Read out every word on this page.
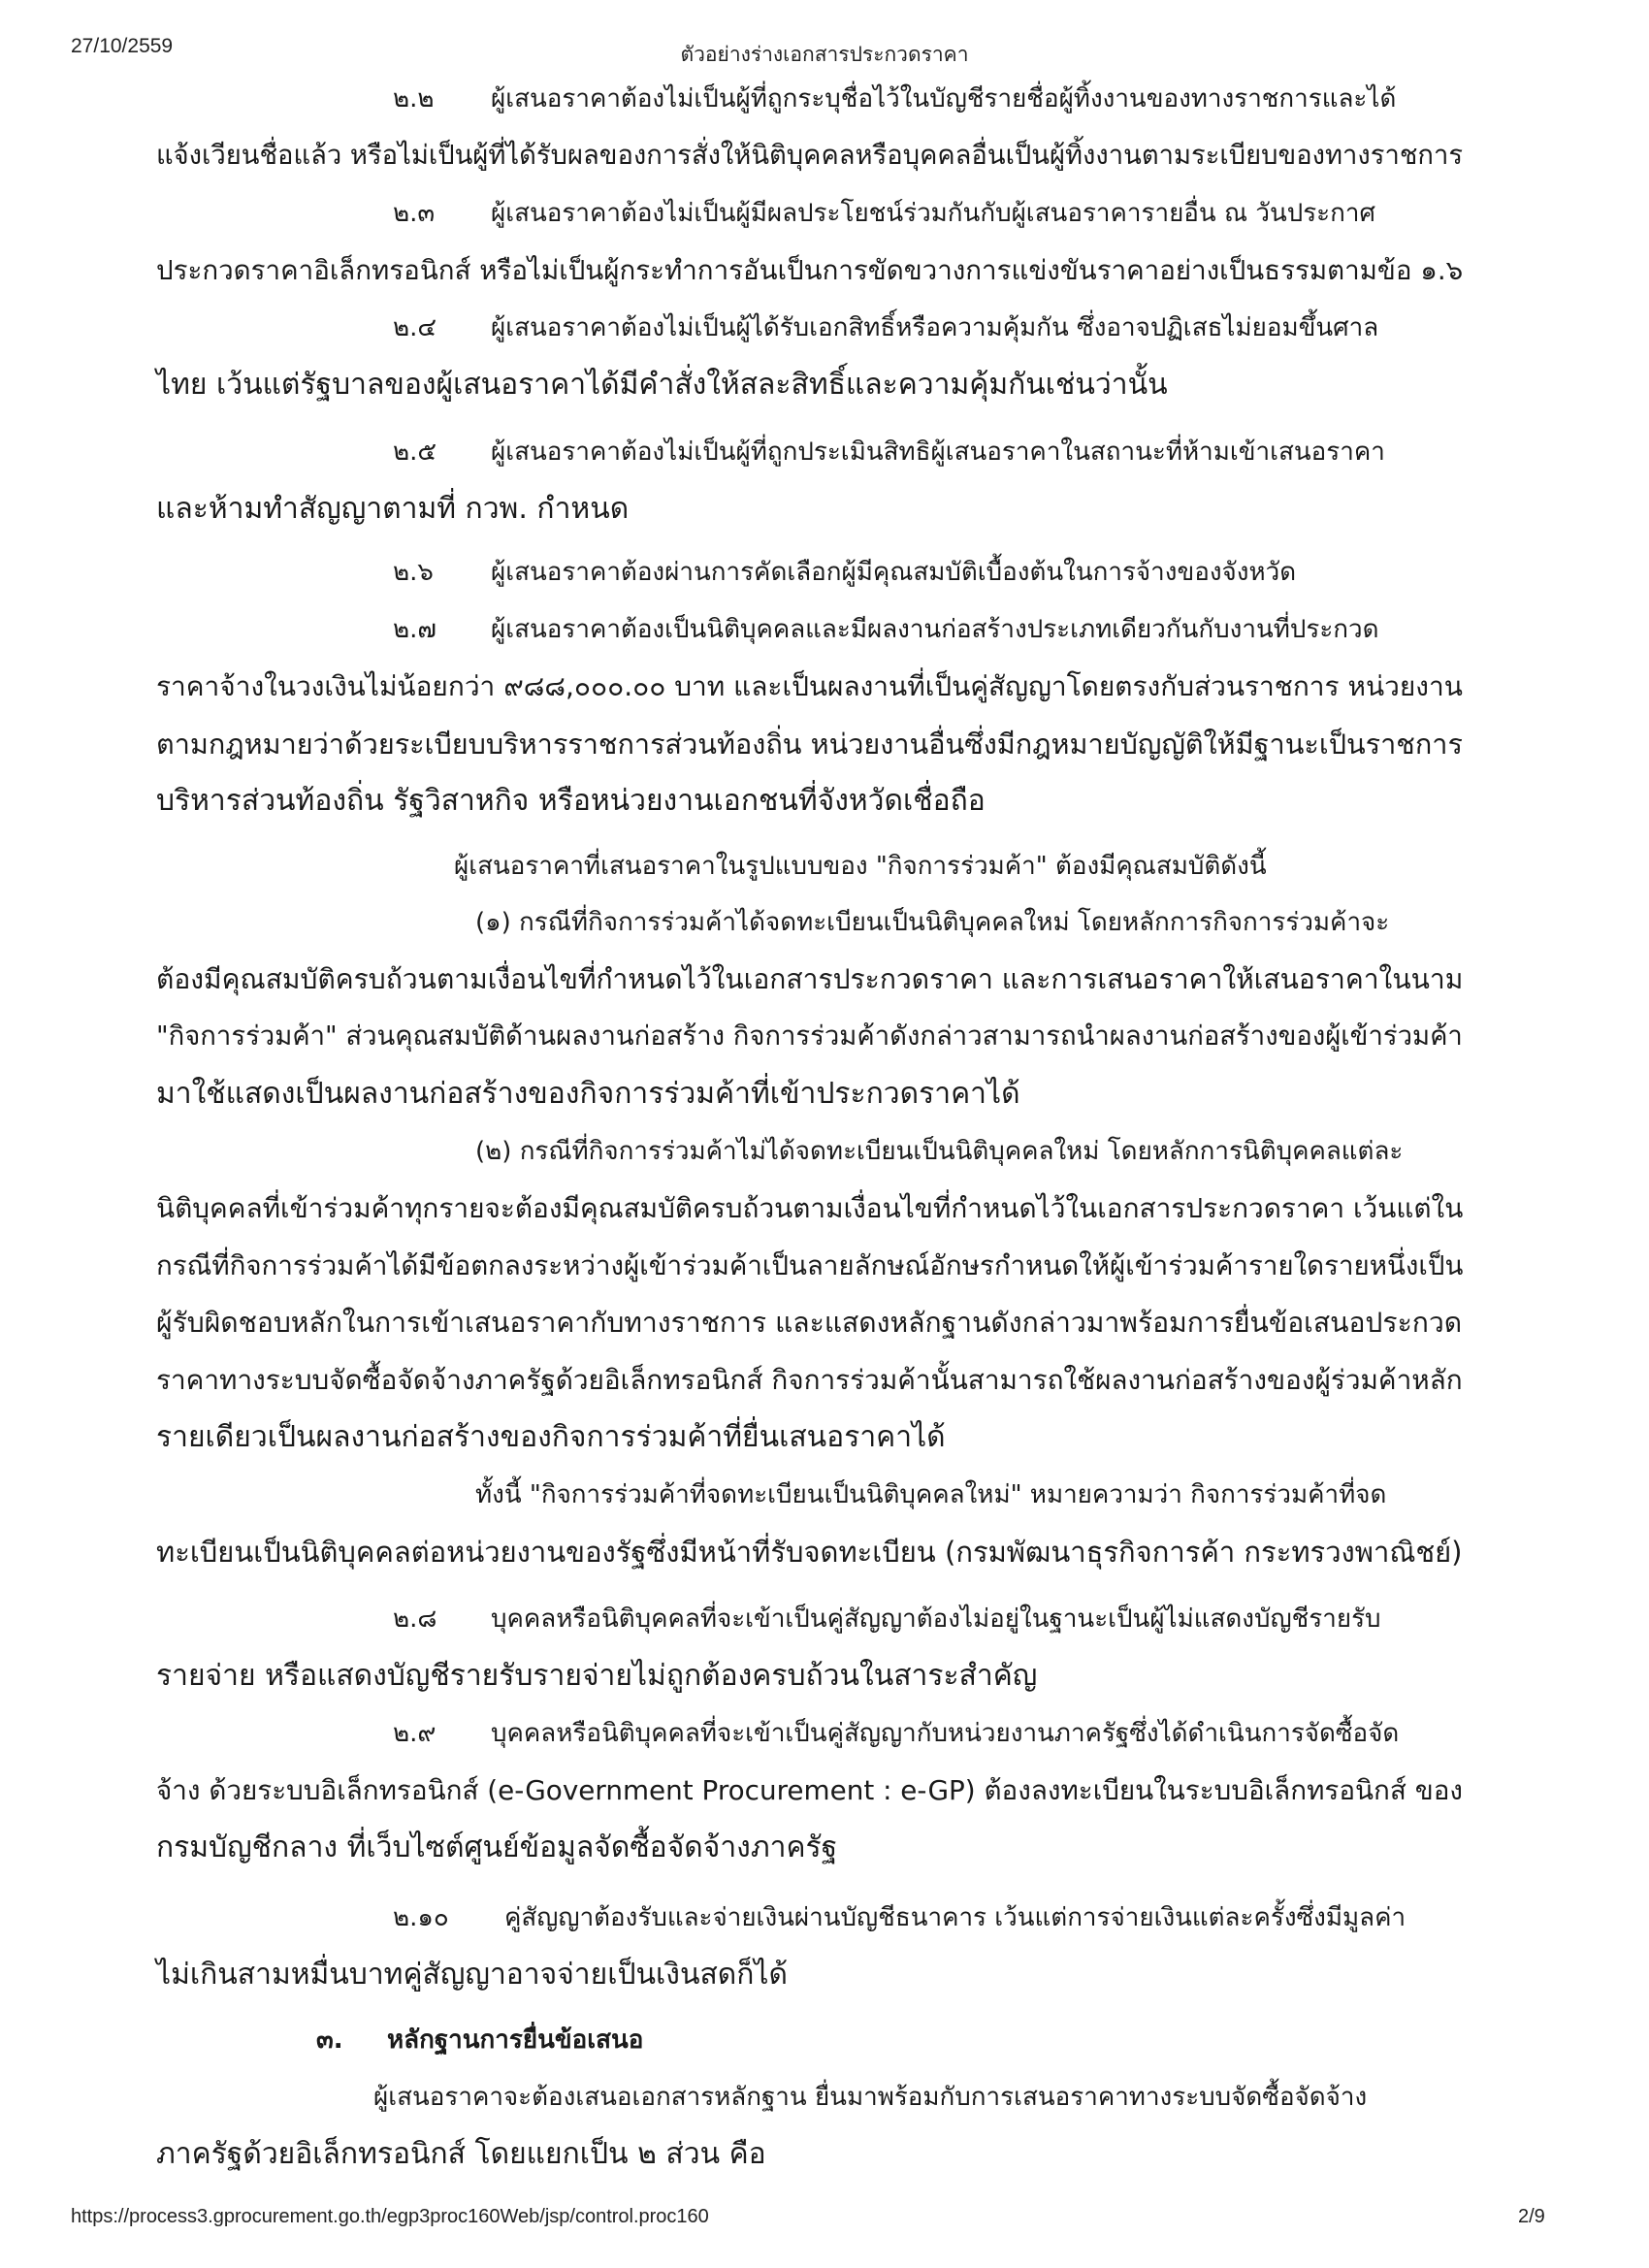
27/10/2559	ตัวอย่างร่างเอกสารประกวดราคา
๒.๒ ผู้เสนอราคาต้องไม่เป็นผู้ที่ถูกระบุชื่อไว้ในบัญชีรายชื่อผู้ทิ้งงานของทางราชการและได้
แจ้งเวียนชื่อแล้ว หรือไม่เป็นผู้ที่ได้รับผลของการสั่งให้นิติบุคคลหรือบุคคลอื่นเป็นผู้ทิ้งงานตามระเบียบของทางราชการ
๒.๓ ผู้เสนอราคาต้องไม่เป็นผู้มีผลประโยชน์ร่วมกันกับผู้เสนอราคารายอื่น ณ วันประกาศ
ประกวดราคาอิเล็กทรอนิกส์ หรือไม่เป็นผู้กระทำการอันเป็นการขัดขวางการแข่งขันราคาอย่างเป็นธรรมตามข้อ ๑.๖
๒.๔ ผู้เสนอราคาต้องไม่เป็นผู้ได้รับเอกสิทธิ์หรือความคุ้มกัน ซึ่งอาจปฏิเสธไม่ยอมขึ้นศาล
ไทย เว้นแต่รัฐบาลของผู้เสนอราคาได้มีคำสั่งให้สละสิทธิ์และความคุ้มกันเช่นว่านั้น
๒.๕ ผู้เสนอราคาต้องไม่เป็นผู้ที่ถูกประเมินสิทธิผู้เสนอราคาในสถานะที่ห้ามเข้าเสนอราคา
และห้ามทำสัญญาตามที่ กวพ. กำหนด
๒.๖ ผู้เสนอราคาต้องผ่านการคัดเลือกผู้มีคุณสมบัติเบื้องต้นในการจ้างของจังหวัด
๒.๗ ผู้เสนอราคาต้องเป็นนิติบุคคลและมีผลงานก่อสร้างประเภทเดียวกันกับงานที่ประกวด
ราคาจ้างในวงเงินไม่น้อยกว่า ๙๘๘,๐๐๐.๐๐ บาท และเป็นผลงานที่เป็นคู่สัญญาโดยตรงกับส่วนราชการ หน่วยงาน
ตามกฎหมายว่าด้วยระเบียบบริหารราชการส่วนท้องถิ่น หน่วยงานอื่นซึ่งมีกฎหมายบัญญัติให้มีฐานะเป็นราชการ
บริหารส่วนท้องถิ่น รัฐวิสาหกิจ หรือหน่วยงานเอกชนที่จังหวัดเชื่อถือ
ผู้เสนอราคาที่เสนอราคาในรูปแบบของ "กิจการร่วมค้า" ต้องมีคุณสมบัติดังนี้
(๑) กรณีที่กิจการร่วมค้าได้จดทะเบียนเป็นนิติบุคคลใหม่ โดยหลักการกิจการร่วมค้าจะ
ต้องมีคุณสมบัติครบถ้วนตามเงื่อนไขที่กำหนดไว้ในเอกสารประกวดราคา และการเสนอราคาให้เสนอราคาในนาม
"กิจการร่วมค้า" ส่วนคุณสมบัติด้านผลงานก่อสร้าง กิจการร่วมค้าดังกล่าวสามารถนำผลงานก่อสร้างของผู้เข้าร่วมค้า
มาใช้แสดงเป็นผลงานก่อสร้างของกิจการร่วมค้าที่เข้าประกวดราคาได้
(๒) กรณีที่กิจการร่วมค้าไม่ได้จดทะเบียนเป็นนิติบุคคลใหม่ โดยหลักการนิติบุคคลแต่ละ
นิติบุคคลที่เข้าร่วมค้าทุกรายจะต้องมีคุณสมบัติครบถ้วนตามเงื่อนไขที่กำหนดไว้ในเอกสารประกวดราคา เว้นแต่ใน
กรณีที่กิจการร่วมค้าได้มีข้อตกลงระหว่างผู้เข้าร่วมค้าเป็นลายลักษณ์อักษรกำหนดให้ผู้เข้าร่วมค้ารายใดรายหนึ่งเป็น
ผู้รับผิดชอบหลักในการเข้าเสนอราคากับทางราชการ และแสดงหลักฐานดังกล่าวมาพร้อมการยื่นข้อเสนอประกวด
ราคาทางระบบจัดซื้อจัดจ้างภาครัฐด้วยอิเล็กทรอนิกส์ กิจการร่วมค้านั้นสามารถใช้ผลงานก่อสร้างของผู้ร่วมค้าหลัก
รายเดียวเป็นผลงานก่อสร้างของกิจการร่วมค้าที่ยื่นเสนอราคาได้
ทั้งนี้ "กิจการร่วมค้าที่จดทะเบียนเป็นนิติบุคคลใหม่" หมายความว่า กิจการร่วมค้าที่จด
ทะเบียนเป็นนิติบุคคลต่อหน่วยงานของรัฐซึ่งมีหน้าที่รับจดทะเบียน (กรมพัฒนาธุรกิจการค้า กระทรวงพาณิชย์)
๒.๘ บุคคลหรือนิติบุคคลที่จะเข้าเป็นคู่สัญญาต้องไม่อยู่ในฐานะเป็นผู้ไม่แสดงบัญชีรายรับ
รายจ่าย หรือแสดงบัญชีรายรับรายจ่ายไม่ถูกต้องครบถ้วนในสาระสำคัญ
๒.๙ บุคคลหรือนิติบุคคลที่จะเข้าเป็นคู่สัญญากับหน่วยงานภาครัฐซึ่งได้ดำเนินการจัดซื้อจัด
จ้าง ด้วยระบบอิเล็กทรอนิกส์ (e-Government Procurement : e-GP) ต้องลงทะเบียนในระบบอิเล็กทรอนิกส์ ของ
กรมบัญชีกลาง ที่เว็บไซต์ศูนย์ข้อมูลจัดซื้อจัดจ้างภาครัฐ
๒.๑๐ คู่สัญญาต้องรับและจ่ายเงินผ่านบัญชีธนาคาร เว้นแต่การจ่ายเงินแต่ละครั้งซึ่งมีมูลค่า
ไม่เกินสามหมื่นบาทคู่สัญญาอาจจ่ายเป็นเงินสดก็ได้
๓. หลักฐานการยื่นข้อเสนอ
ผู้เสนอราคาจะต้องเสนอเอกสารหลักฐาน ยื่นมาพร้อมกับการเสนอราคาทางระบบจัดซื้อจัดจ้าง
ภาครัฐด้วยอิเล็กทรอนิกส์ โดยแยกเป็น ๒ ส่วน คือ
https://process3.gprocurement.go.th/egp3proc160Web/jsp/control.proc160	2/9
